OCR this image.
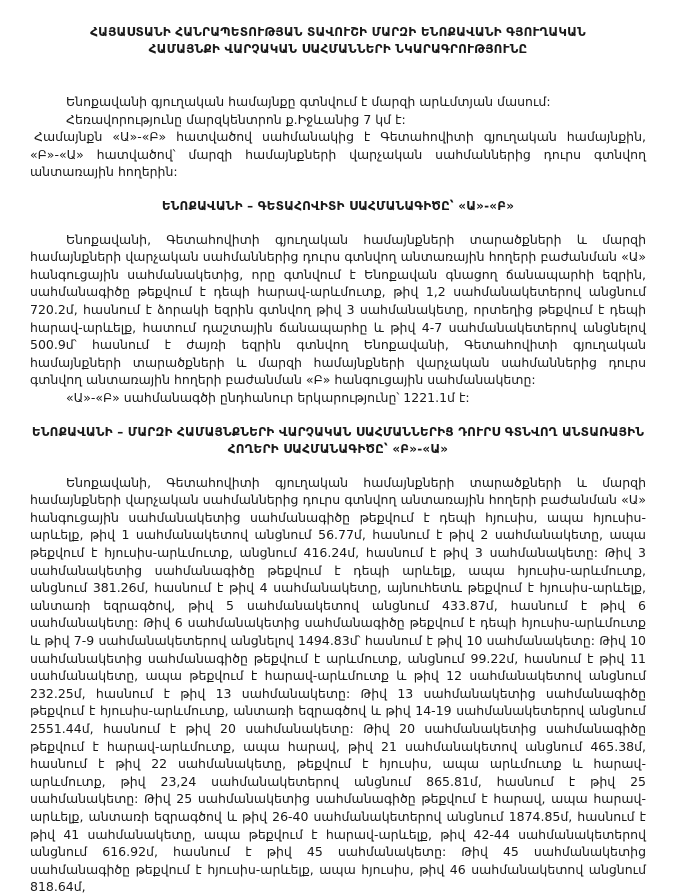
ՀԱՅԱՍՏԱՆԻ ՀԱՆՐԱՊԵՏՈՒԹՅԱՆ ՏԱՎՈՒՇԻ ՄԱՐԶԻ ԵՆՈՔԱՎԱՆԻ ԳՅՈՒՂԱԿԱՆ ՀԱՄԱՅՆՔԻ ՎԱՐՉԱԿԱՆ ՍԱՀՄԱՆՆԵՐԻ ՆԿԱՐԱԳՐՈՒԹՅՈՒՆԸ

Ենոքավանի գյուղական համայնքը գտնվում է մարզի արևմտյան մասում:

Հեռավորությունը մարզկենտրոն ք.Իջևանից 7 կմ է:

Համայնքն «Ա»-«Բ» հատվածով սահմանակից է Գետահովիտի գյուղական համայնքին, «Բ»-«Ա» հատվածով՝ մարզի համայնքների վարչական սահմաններից դուրս գտնվող անտառային հողերին:

ԵՆՈՔԱՎԱՆԻ – ԳԵՏԱՀՈՎԻՏԻ ՍԱՀՄԱՆԱԳԻԾԸ՝ «Ա»-«Բ»

Ենոքավանի, Գետահովիտի գյուղական համայնքների տարածքների և մարզի համայնքների վարչական սահմաններից դուրս գտնվող անտառային հողերի բաժանման «Ա» հանգուցային սահմանակետից, որը գտնվում է Ենոքավան գնացող ճանապարհի եզրին, սահմանագիծը թեքվում է դեպի հարավ-արևմուտք, թիվ 1,2 սահմանակետերով անցնում 720.2մ, հասնում է ձորակի եզրին գտնվող թիվ 3 սահմանակետը, որտեղից թեքվում է դեպի հարավ-արևելք, հատում դաշտային ճանապարհը և թիվ 4-7 սահմանակետերով անցնելով 500.9մ՝ հասնում է ժայռի եզրին գտնվող Ենոքավանի, Գետահովիտի գյուղական համայնքների տարածքների և մարզի համայնքների վարչական սահմաններից դուրս գտնվող անտառային հողերի բաժանման «Բ» հանգուցային սահմանակետը:

«Ա»-«Բ» սահմանագծի ընդհանուր երկարությունը՝ 1221.1մ է:

ԵՆՈՔԱՎԱՆԻ – ՄԱՐԶԻ ՀԱՄԱՅՆՔՆԵՐԻ ՎԱՐՉԱԿԱՆ ՍԱՀՄԱՆՆԵՐԻՑ ԴՈՒՐՍ ԳՏՆՎՈՂ ԱՆՏԱՌԱՅԻՆ ՀՈՂԵՐԻ ՍԱՀՄԱՆԱԳԻԾԸ՝ «Բ»-«Ա»

Ենոքավանի, Գետահովիտի գյուղական համայնքների տարածքների և մարզի համայնքների վարչական սահմաններից դուրս գտնվող անտառային հողերի բաժանման «Ա» հանգուցային սահմանակետից սահմանագիծը թեքվում է դեպի հյուսիս, ապա հյուսիս-արևելք, թիվ 1 սահմանակետով անցնում 56.77մ, հասնում է թիվ 2 սահմանակետը, ապա թեքվում է հյուսիս-արևմուտք, անցնում 416.24մ, հասնում է թիվ 3 սահմանակետը: Թիվ 3 սահմանակետից սահմանագիծը թեքվում է դեպի արևելք, ապա հյուսիս-արևմուտք, անցնում 381.26մ, հասնում է թիվ 4 սահմանակետը, այնուհետև թեքվում է հյուսիս-արևելք, անտառի եզրագծով, թիվ 5 սահմանակետով անցնում 433.87մ, հասնում է թիվ 6 սահմանակետը: Թիվ 6 սահմանակետից սահմանագիծը թեքվում է դեպի հյուսիս-արևմուտք և թիվ 7-9 սահմանակետերով անցնելով 1494.83մ՝ հասնում է թիվ 10 սահմանակետը: Թիվ 10 սահմանակետից սահմանագիծը թեքվում է արևմուտք, անցնում 99.22մ, հասնում է թիվ 11 սահմանակետը, ապա թեքվում է հարավ-արևմուտք և թիվ 12 սահմանակետով անցնում 232.25մ, հասնում է թիվ 13 սահմանակետը: Թիվ 13 սահմանակետից սահմանագիծը թեքվում է հյուսիս-արևմուտք, անտառի եզրագծով և թիվ 14-19 սահմանակետերով անցնում 2551.44մ, հասնում է թիվ 20 սահմանակետը: Թիվ 20 սահմանակետից սահմանագիծը թեքվում է հարավ-արևմուտք, ապա հարավ, թիվ 21 սահմանակետով անցնում 465.38մ, հասնում է թիվ 22 սահմանակետը, թեքվում է հյուսիս, ապա արևմուտք և հարավ-արևմուտք, թիվ 23,24 սահմանակետերով անցնում 865.81մ, հասնում է թիվ 25 սահմանակետը: Թիվ 25 սահմանակետից սահմանագիծը թեքվում է հարավ, ապա հարավ-արևելք, անտառի եզրագծով և թիվ 26-40 սահմանակետերով անցնում 1874.85մ, հասնում է թիվ 41 սահմանակետը, ապա թեքվում է հարավ-արևելք, թիվ 42-44 սահմանակետերով անցնում 616.92մ, հասնում է թիվ 45 սահմանակետը: Թիվ 45 սահմանակետից սահմանագիծը թեքվում է հյուսիս-արևելք, ապա հյուսիս, թիվ 46 սահմանակետով անցնում 818.64մ,
